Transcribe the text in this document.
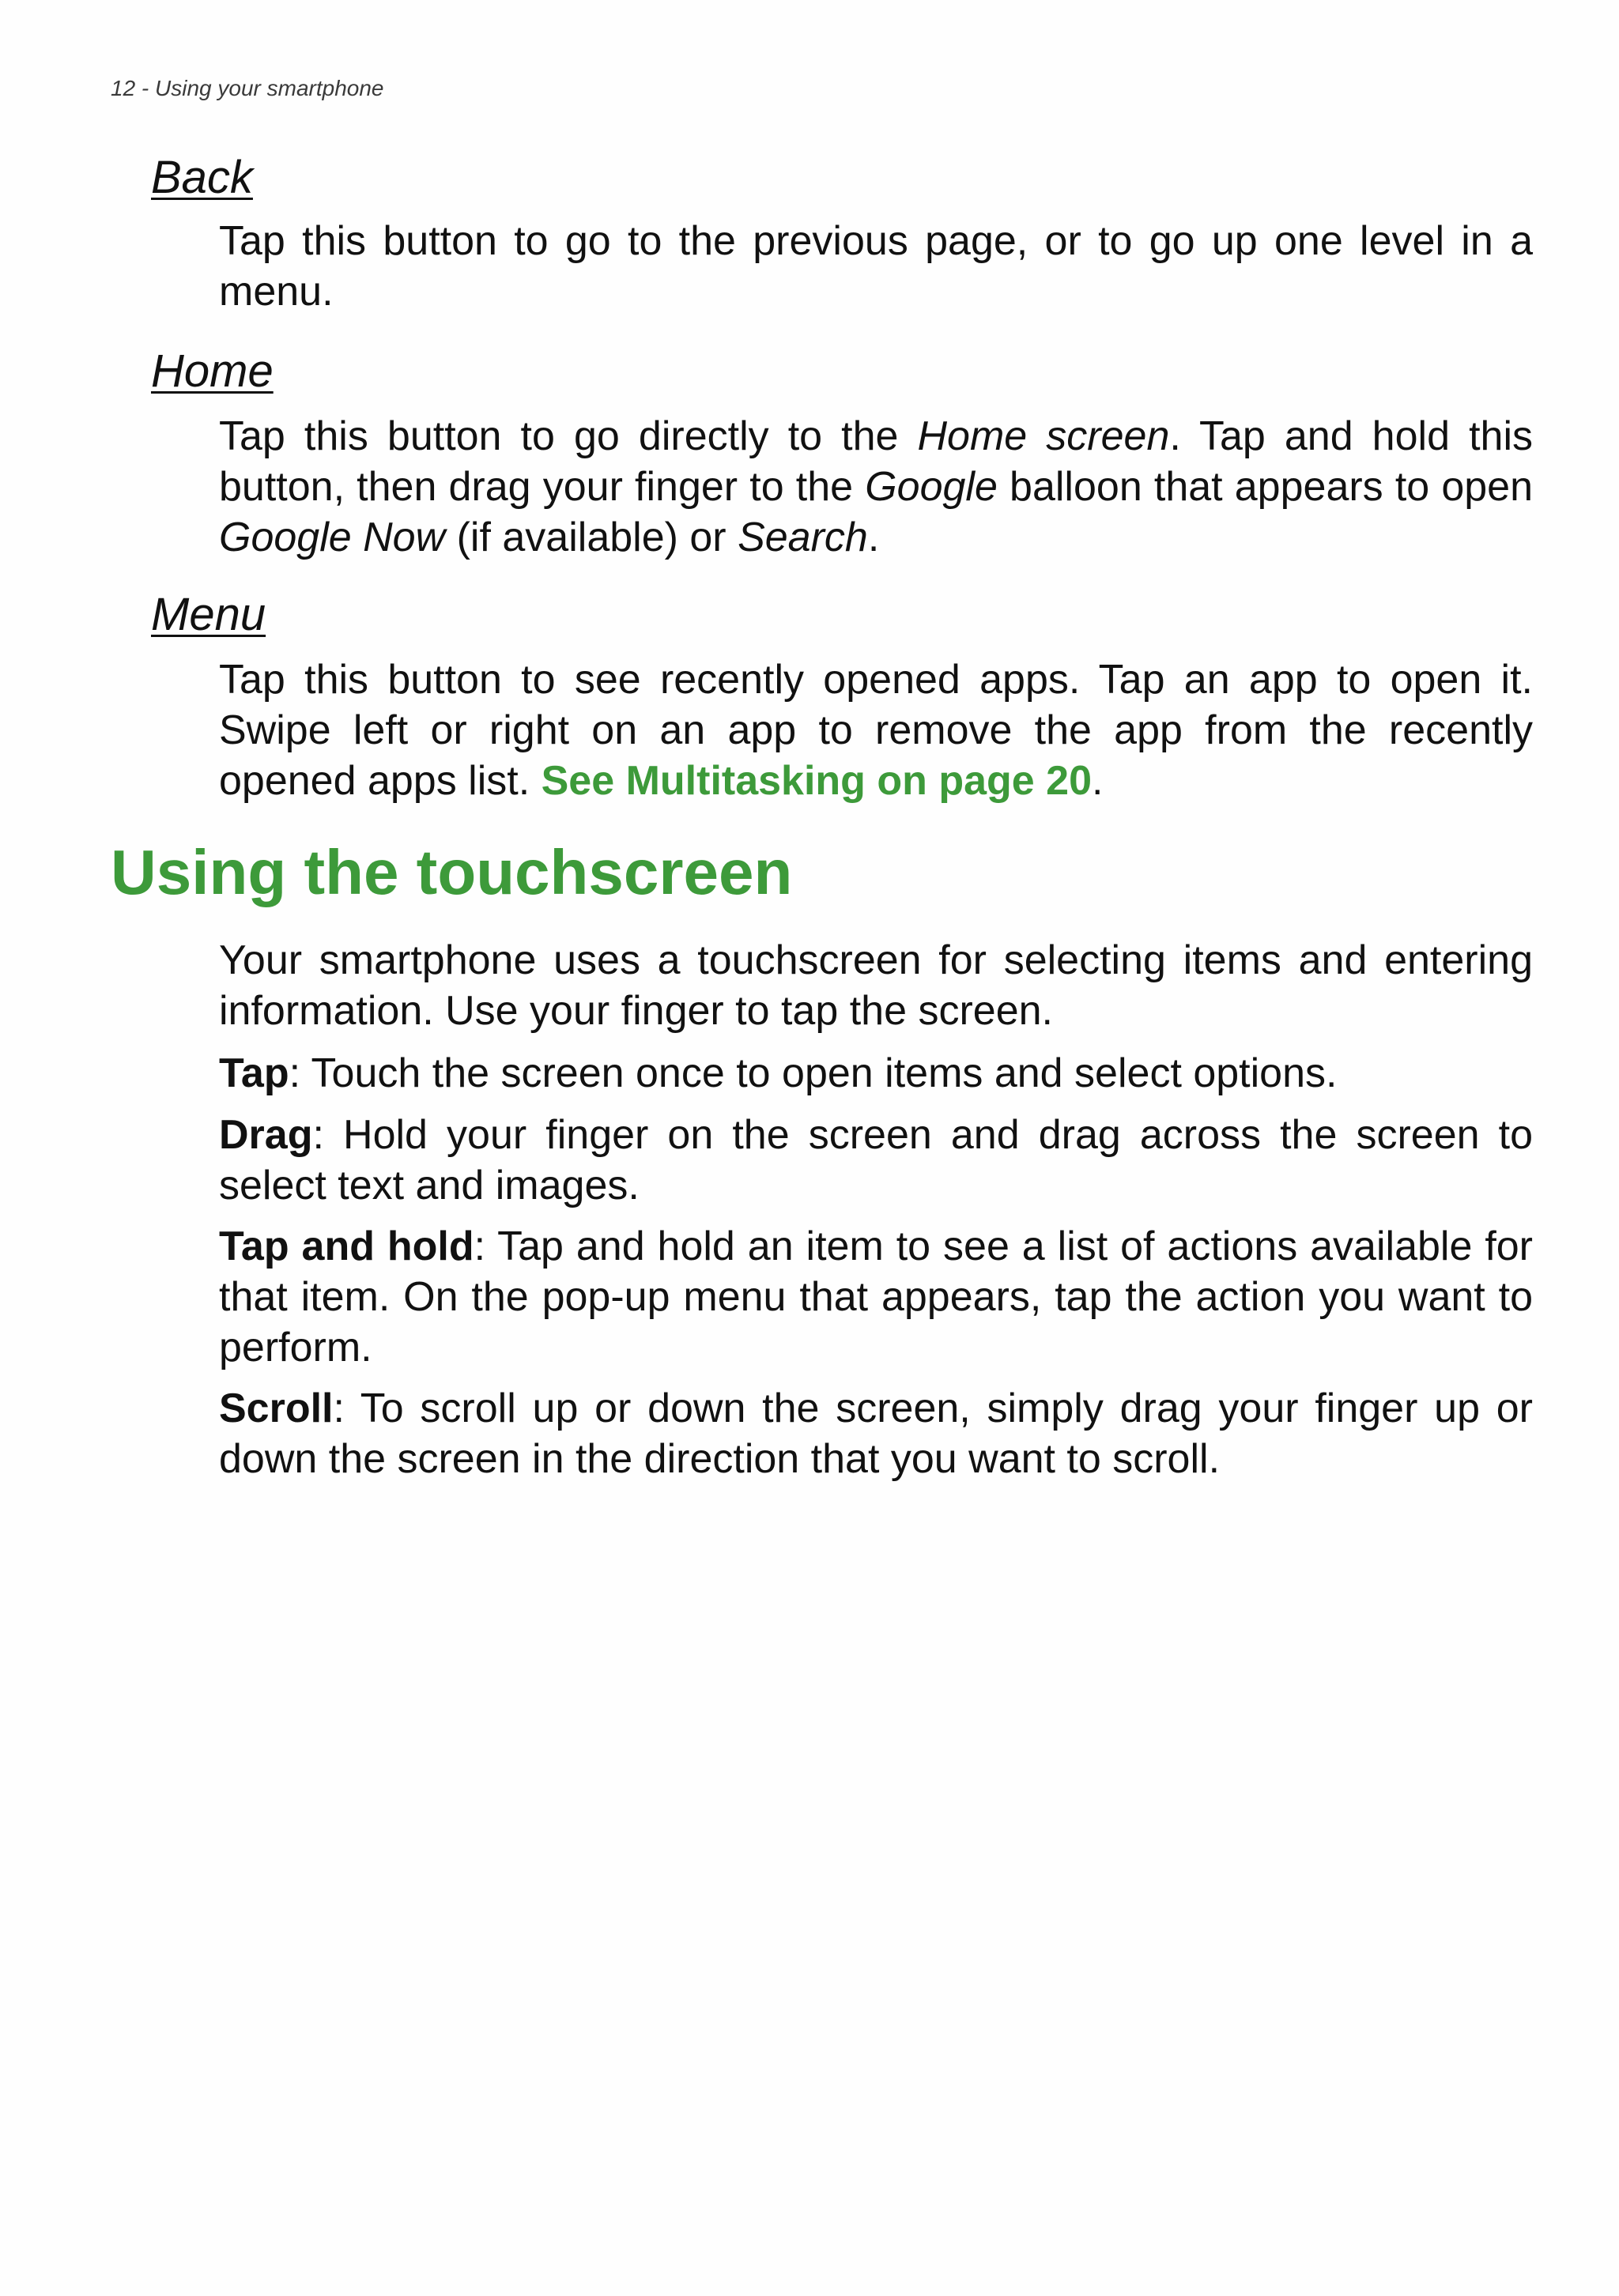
12 - Using your smartphone

Back

Tap this button to go to the previous page, or to go up one level in a menu.

Home

Tap this button to go directly to the Home screen. Tap and hold this button, then drag your finger to the Google balloon that appears to open Google Now (if available) or Search.

Menu

Tap this button to see recently opened apps. Tap an app to open it. Swipe left or right on an app to remove the app from the recently opened apps list. See Multitasking on page 20.

Using the touchscreen

Your smartphone uses a touchscreen for selecting items and entering information. Use your finger to tap the screen.

Tap: Touch the screen once to open items and select options.

Drag: Hold your finger on the screen and drag across the screen to select text and images.

Tap and hold: Tap and hold an item to see a list of actions available for that item. On the pop-up menu that appears, tap the action you want to perform.

Scroll: To scroll up or down the screen, simply drag your finger up or down the screen in the direction that you want to scroll.
